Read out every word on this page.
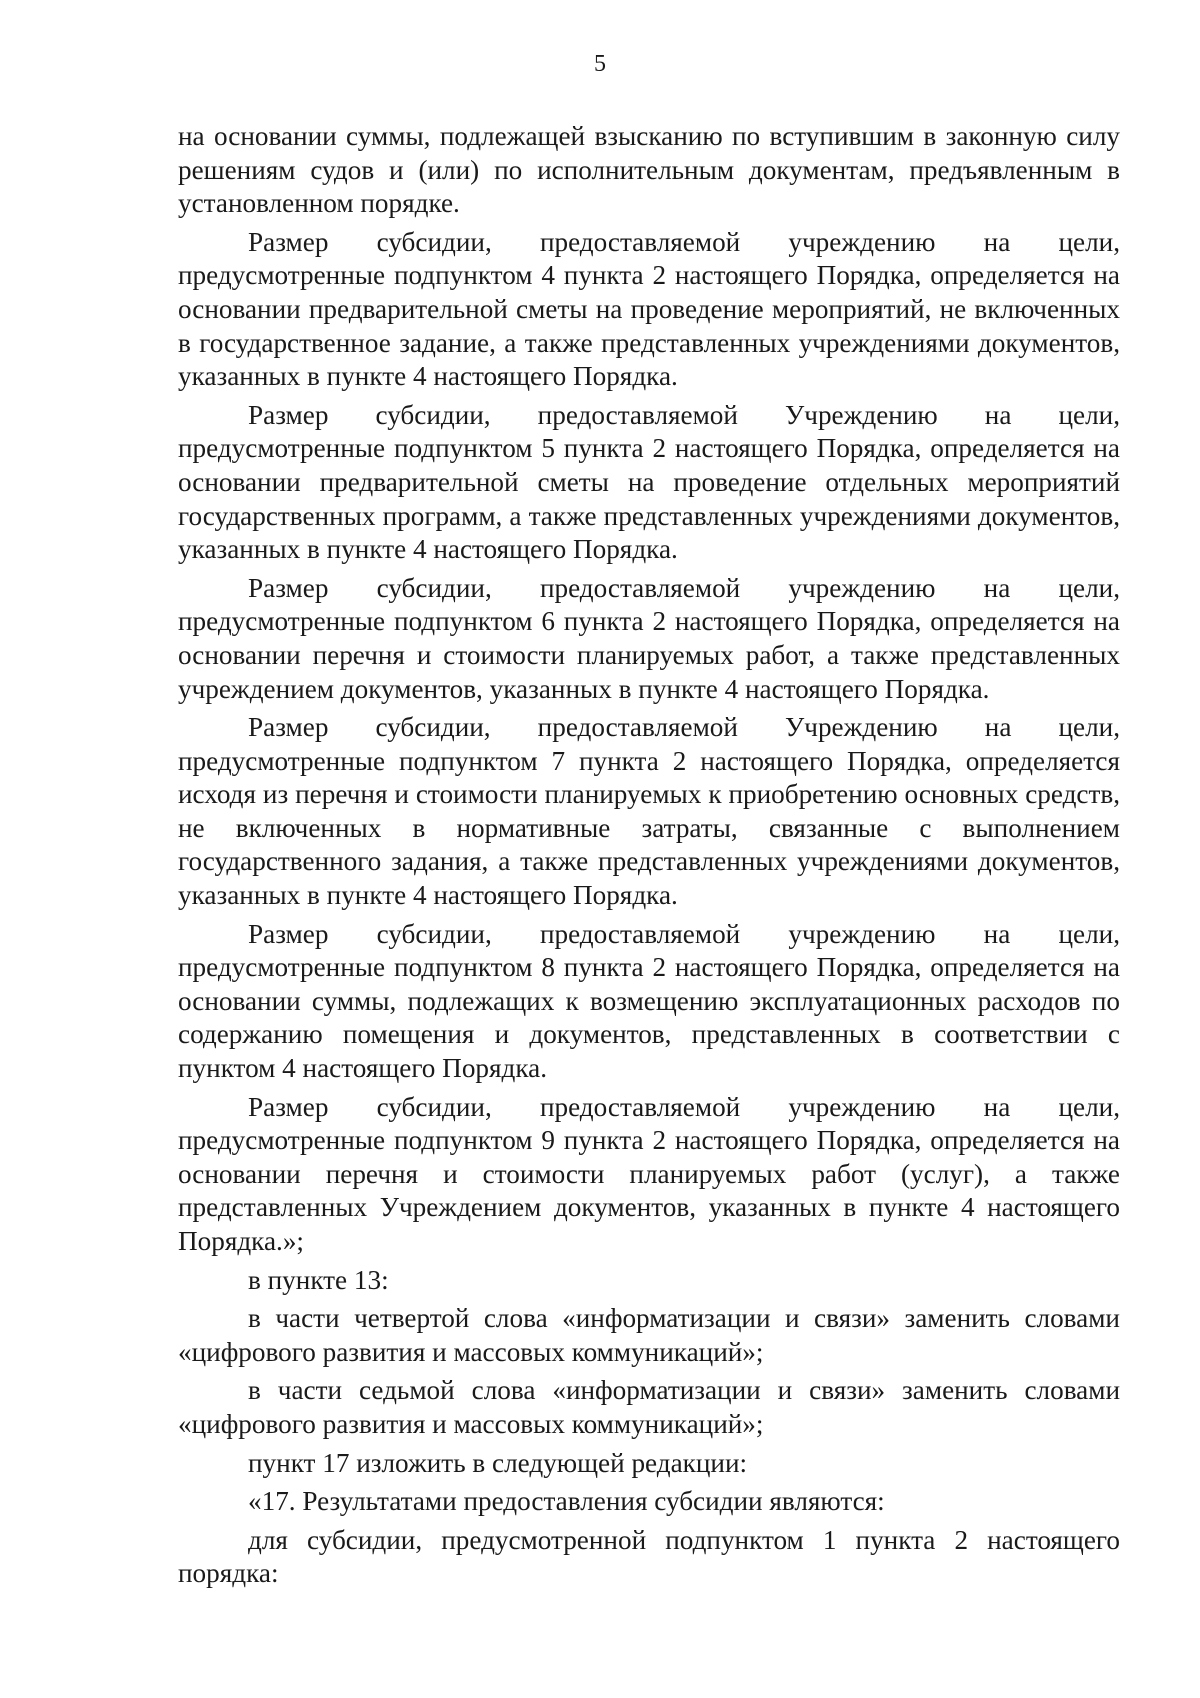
5

на основании суммы, подлежащей взысканию по вступившим в законную силу решениям судов и (или) по исполнительным документам, предъявленным в установленном порядке.

Размер субсидии, предоставляемой учреждению на цели, предусмотренные подпунктом 4 пункта 2 настоящего Порядка, определяется на основании предварительной сметы на проведение мероприятий, не включенных в государственное задание, а также представленных учреждениями документов, указанных в пункте 4 настоящего Порядка.

Размер субсидии, предоставляемой Учреждению на цели, предусмотренные подпунктом 5 пункта 2 настоящего Порядка, определяется на основании предварительной сметы на проведение отдельных мероприятий государственных программ, а также представленных учреждениями документов, указанных в пункте 4 настоящего Порядка.

Размер субсидии, предоставляемой учреждению на цели, предусмотренные подпунктом 6 пункта 2 настоящего Порядка, определяется на основании перечня и стоимости планируемых работ, а также представленных учреждением документов, указанных в пункте 4 настоящего Порядка.

Размер субсидии, предоставляемой Учреждению на цели, предусмотренные подпунктом 7 пункта 2 настоящего Порядка, определяется исходя из перечня и стоимости планируемых к приобретению основных средств, не включенных в нормативные затраты, связанные с выполнением государственного задания, а также представленных учреждениями документов, указанных в пункте 4 настоящего Порядка.

Размер субсидии, предоставляемой учреждению на цели, предусмотренные подпунктом 8 пункта 2 настоящего Порядка, определяется на основании суммы, подлежащих к возмещению эксплуатационных расходов по содержанию помещения и документов, представленных в соответствии с пунктом 4 настоящего Порядка.

Размер субсидии, предоставляемой учреждению на цели, предусмотренные подпунктом 9 пункта 2 настоящего Порядка, определяется на основании перечня и стоимости планируемых работ (услуг), а также представленных Учреждением документов, указанных в пункте 4 настоящего Порядка.»;

в пункте 13:

в части четвертой слова «информатизации и связи» заменить словами «цифрового развития и массовых коммуникаций»;

в части седьмой слова «информатизации и связи» заменить словами «цифрового развития и массовых коммуникаций»;

пункт 17 изложить в следующей редакции:

«17. Результатами предоставления субсидии являются:

для субсидии, предусмотренной подпунктом 1 пункта 2 настоящего порядка:
